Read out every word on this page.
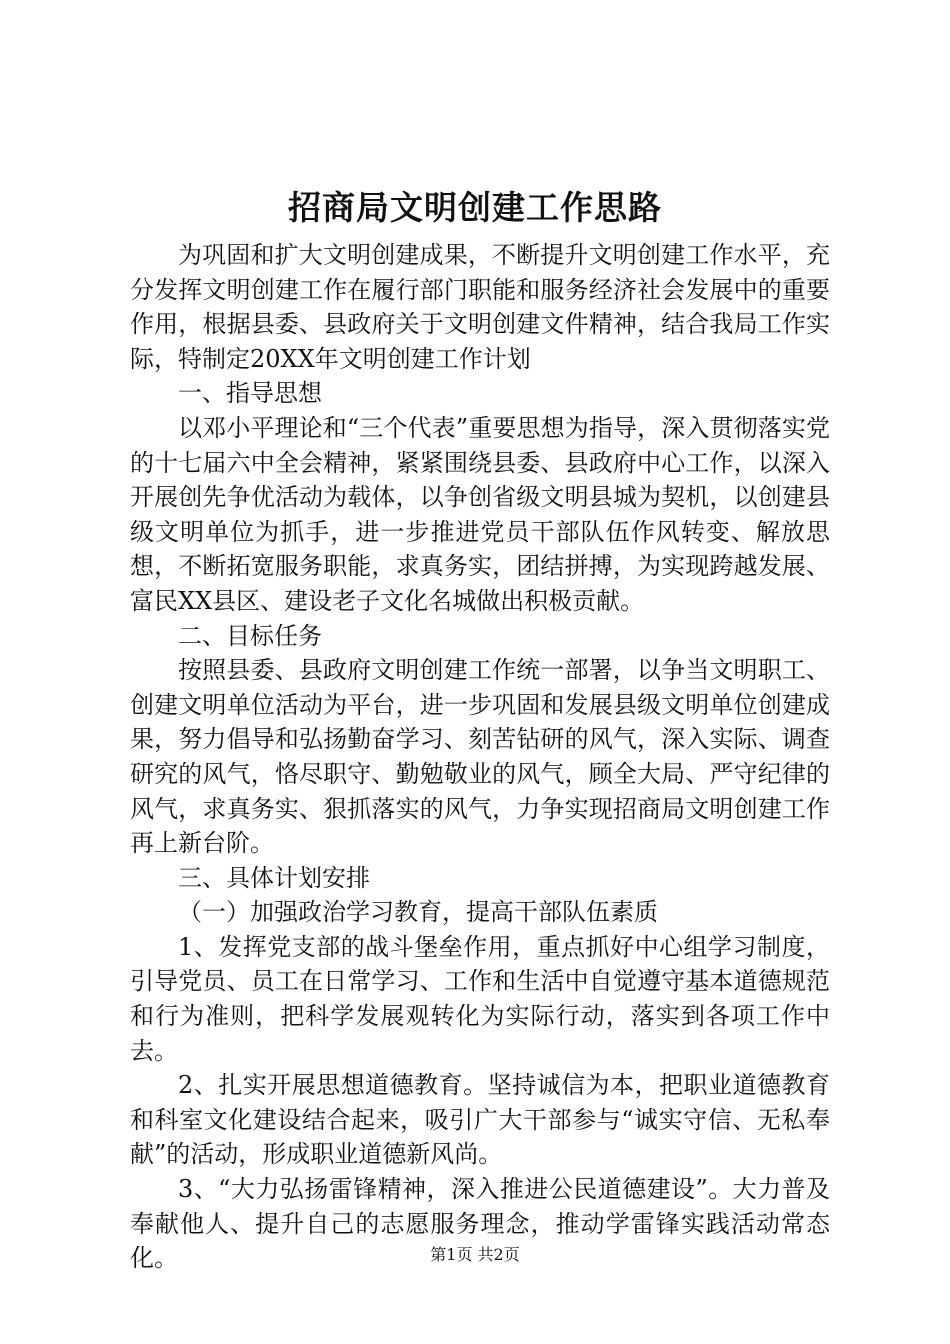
招商局文明创建工作思路

为巩固和扩大文明创建成果，不断提升文明创建工作水平，充分发挥文明创建工作在履行部门职能和服务经济社会发展中的重要作用，根据县委、县政府关于文明创建文件精神，结合我局工作实际，特制定20XX年文明创建工作计划

一、指导思想

以邓小平理论和“三个代表”重要思想为指导，深入贯彻落实党的十七届六中全会精神，紧紧围绕县委、县政府中心工作，以深入开展创先争优活动为载体，以争创省级文明县城为契机，以创建县级文明单位为抓手，进一步推进党员干部队伍作风转变、解放思想，不断拓宽服务职能，求真务实，团结拼搏，为实现跨越发展、富民XX县区、建设老子文化名城做出积极贡献。

二、目标任务

按照县委、县政府文明创建工作统一部署，以争当文明职工、创建文明单位活动为平台，进一步巩固和发展县级文明单位创建成果，努力倡导和弘扬勤奋学习、刻苦钻研的风气，深入实际、调查研究的风气，恪尽职守、勤勉敬业的风气，顾全大局、严守纪律的风气，求真务实、狠抓落实的风气，力争实现招商局文明创建工作再上新台阶。

三、具体计划安排

（一）加强政治学习教育，提高干部队伍素质

1、发挥党支部的战斗堡垒作用，重点抓好中心组学习制度，引导党员、员工在日常学习、工作和生活中自觉遵守基本道德规范和行为准则，把科学发展观转化为实际行动，落实到各项工作中去。

2、扎实开展思想道德教育。坚持诚信为本，把职业道德教育和科室文化建设结合起来，吸引广大干部参与“诚实守信、无私奉献”的活动，形成职业道德新风尚。

3、“大力弘扬雷锋精神，深入推进公民道德建设”。大力普及奉献他人、提升自己的志愿服务理念，推动学雷锋实践活动常态化。	第1页 共2页
